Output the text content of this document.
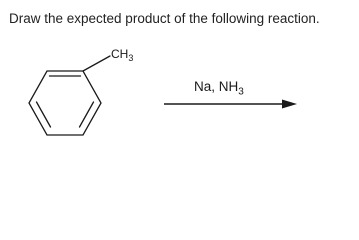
Draw the expected product of the following reaction.
$CH_3$
Na, $NH_3$
